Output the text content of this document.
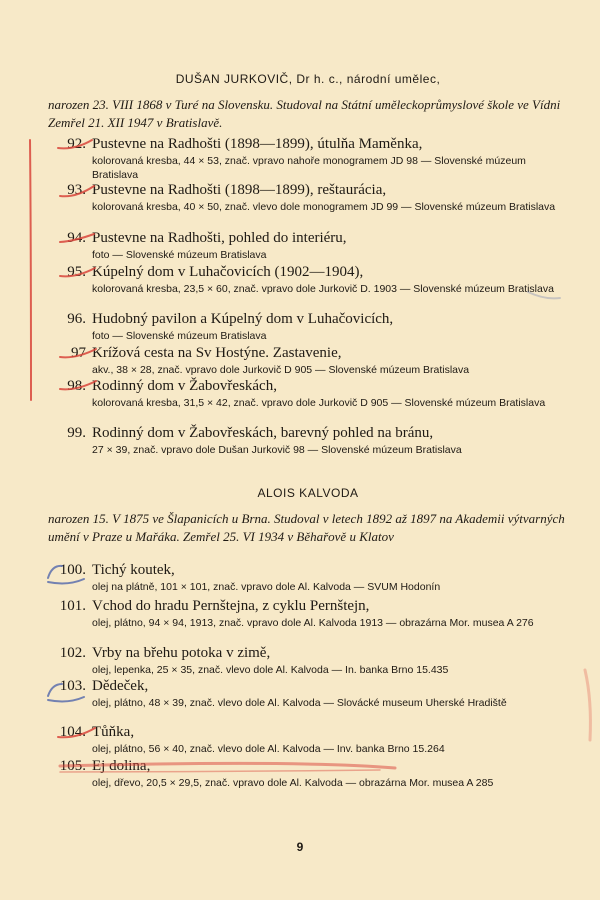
DUŠAN JURKOVIČ, Dr h. c., národní umělec,
narozen 23. VIII 1868 v Turé na Slovensku. Studoval na Státní uměleckoprůmyslové škole ve Vídni Zemřel 21. XII 1947 v Bratislavě.
92. Pustevne na Radhošti (1898—1899), útulňa Maměnka,
kolorovaná kresba, 44 × 53, znač. vpravo nahoře monogramem JD 98 — Slovenské múzeum Bratislava
93. Pustevne na Radhošti (1898—1899), reštaurácia,
kolorovaná kresba, 40 × 50, znač. vlevo dole monogramem JD 99 — Slovenské múzeum Bratislava
94. Pustevne na Radhošti, pohled do interiéru,
foto — Slovenské múzeum Bratislava
95. Kúpelný dom v Luhačovicích (1902—1904),
kolorovaná kresba, 23,5 × 60, znač. vpravo dole Jurkovič D. 1903 — Slovenské múzeum Bratislava
96. Hudobný pavilon a Kúpelný dom v Luhačovicích,
foto — Slovenské múzeum Bratislava
97 Krížová cesta na Sv Hostýne. Zastavenie,
akv., 38 × 28, znač. vpravo dole Jurkovič D 905 — Slovenské múzeum Bratislava
98. Rodinný dom v Žabovřeskách,
kolorovaná kresba, 31,5 × 42, znač. vpravo dole Jurkovič D 905 — Slovenské múzeum Bratislava
99. Rodinný dom v Žabovřeskách, barevný pohled na bránu,
27 × 39, znač. vpravo dole Dušan Jurkovič 98 — Slovenské múzeum Bratislava
ALOIS KALVODA
narozen 15. V 1875 ve Šlapanicích u Brna. Studoval v letech 1892 až 1897 na Akademii výtvarných umění v Praze u Mařáka. Zemřel 25. VI 1934 v Běhařově u Klatov
100. Tichý koutek,
olej na plátně, 101 × 101, znač. vpravo dole Al. Kalvoda — SVUM Hodonín
101. Vchod do hradu Pernštejna, z cyklu Pernštejn,
olej, plátno, 94 × 94, 1913, znač. vpravo dole Al. Kalvoda 1913 — obrazárna Mor. musea A 276
102. Vrby na břehu potoka v zimě,
olej, lepenka, 25 × 35, znač. vlevo dole Al. Kalvoda — In. banka Brno 15.435
103. Dědeček,
olej, plátno, 48 × 39, znač. vlevo dole Al. Kalvoda — Slovácké museum Uherské Hradiště
104. Tůňka,
olej, plátno, 56 × 40, znač. vlevo dole Al. Kalvoda — Inv. banka Brno 15.264
105. Ej dolina,
olej, dřevo, 20,5 × 29,5, znač. vpravo dole Al. Kalvoda — obrazárna Mor. musea A 285
9
